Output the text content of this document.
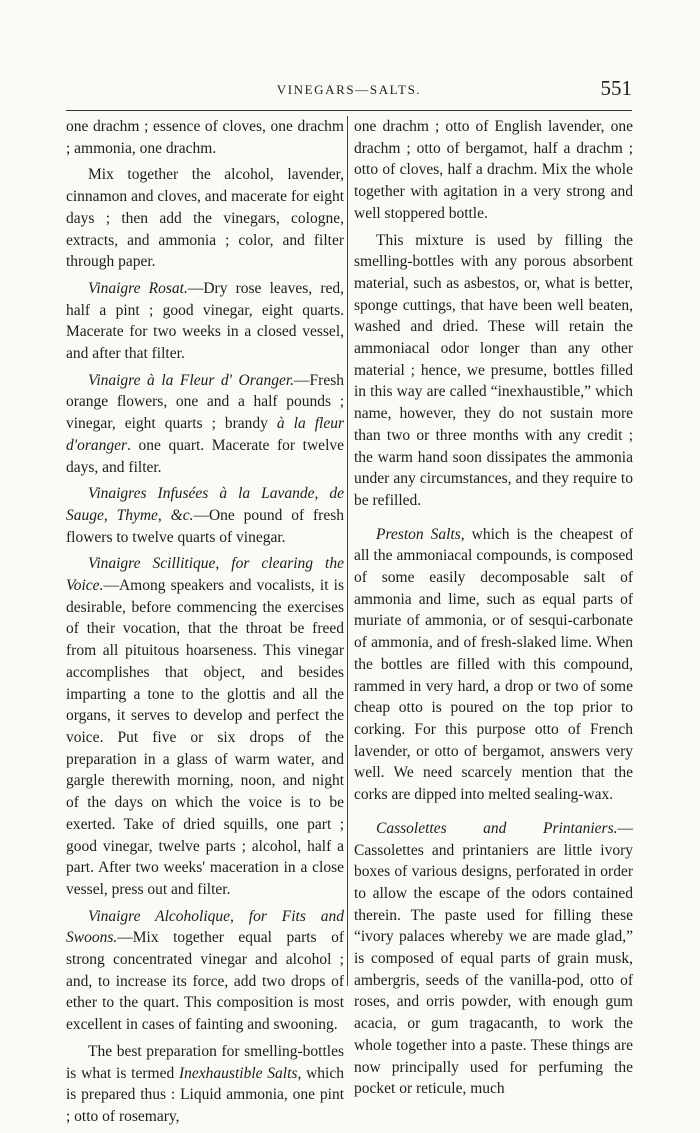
VINEGARS—SALTS.	551

one drachm ; essence of cloves, one drachm ; ammonia, one drachm.

Mix together the alcohol, lavender, cinnamon and cloves, and macerate for eight days ; then add the vinegars, cologne, extracts, and ammonia ; color, and filter through paper.

Vinaigre Rosat.—Dry rose leaves, red, half a pint ; good vinegar, eight quarts. Macerate for two weeks in a closed vessel, and after that filter.

Vinaigre à la Fleur d' Oranger.—Fresh orange flowers, one and a half pounds ; vinegar, eight quarts ; brandy à la fleur d'oranger. one quart. Macerate for twelve days, and filter.

Vinaigres Infusées à la Lavande, de Sauge, Thyme, &c.—One pound of fresh flowers to twelve quarts of vinegar.

Vinaigre Scillitique, for clearing the Voice.—Among speakers and vocalists, it is desirable, before commencing the exercises of their vocation, that the throat be freed from all pituitous hoarseness. This vinegar accomplishes that object, and besides imparting a tone to the glottis and all the organs, it serves to develop and perfect the voice. Put five or six drops of the preparation in a glass of warm water, and gargle therewith morning, noon, and night of the days on which the voice is to be exerted. Take of dried squills, one part ; good vinegar, twelve parts ; alcohol, half a part. After two weeks' maceration in a close vessel, press out and filter.

Vinaigre Alcoholique, for Fits and Swoons.—Mix together equal parts of strong concentrated vinegar and alcohol ; and, to increase its force, add two drops of ether to the quart. This composition is most excellent in cases of fainting and swooning.

The best preparation for smelling-bottles is what is termed Inexhaustible Salts, which is prepared thus : Liquid ammonia, one pint ; otto of rosemary,

one drachm ; otto of English lavender, one drachm ; otto of bergamot, half a drachm ; otto of cloves, half a drachm. Mix the whole together with agitation in a very strong and well stoppered bottle.

This mixture is used by filling the smelling-bottles with any porous absorbent material, such as asbestos, or, what is better, sponge cuttings, that have been well beaten, washed and dried. These will retain the ammoniacal odor longer than any other material ; hence, we presume, bottles filled in this way are called “inexhaustible,” which name, however, they do not sustain more than two or three months with any credit ; the warm hand soon dissipates the ammonia under any circumstances, and they require to be refilled.

Preston Salts, which is the cheapest of all the ammoniacal compounds, is composed of some easily decomposable salt of ammonia and lime, such as equal parts of muriate of ammonia, or of sesqui-carbonate of ammonia, and of fresh-slaked lime. When the bottles are filled with this compound, rammed in very hard, a drop or two of some cheap otto is poured on the top prior to corking. For this purpose otto of French lavender, or otto of bergamot, answers very well. We need scarcely mention that the corks are dipped into melted sealing-wax.

Cassolettes and Printaniers.—Cassolettes and printaniers are little ivory boxes of various designs, perforated in order to allow the escape of the odors contained therein. The paste used for filling these “ivory palaces whereby we are made glad,” is composed of equal parts of grain musk, ambergris, seeds of the vanilla-pod, otto of roses, and orris powder, with enough gum acacia, or gum tragacanth, to work the whole together into a paste. These things are now principally used for perfuming the pocket or reticule, much
